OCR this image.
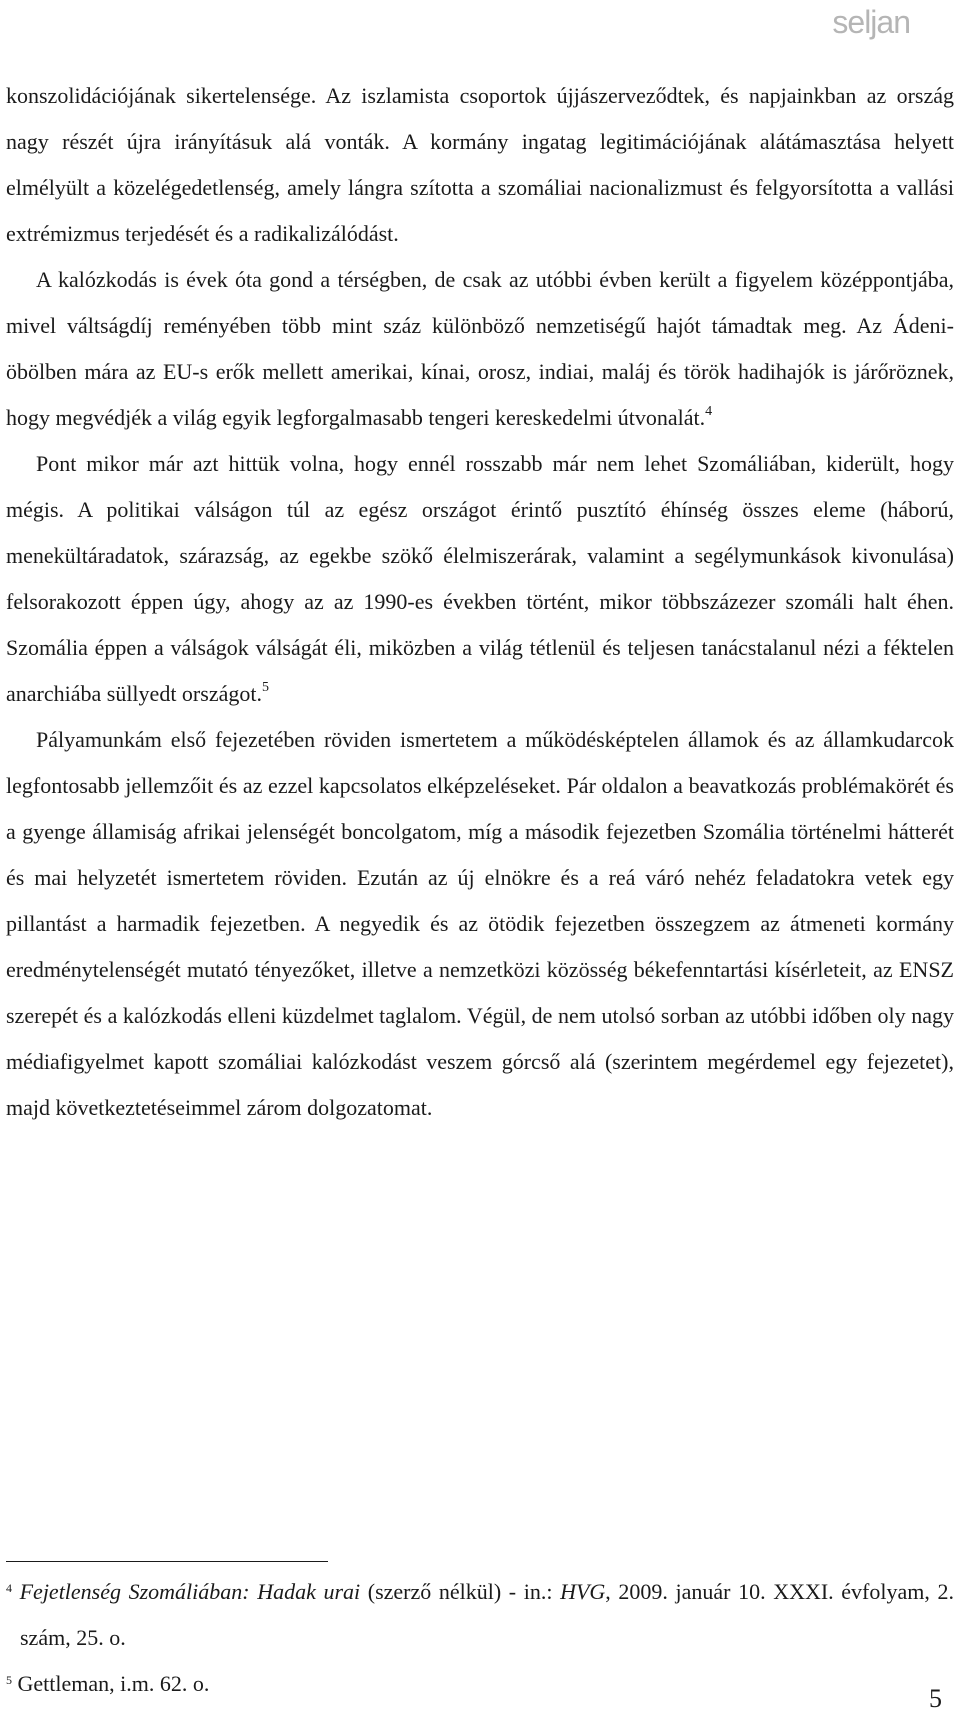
seljan

konszolidációjának sikertelensége. Az iszlamista csoportok újjászerveződtek, és napjainkban az ország nagy részét újra irányításuk alá vonták. A kormány ingatag legitimációjának alátámasztása helyett elmélyült a közelégedetlenség, amely lángra szította a szomáliai nacionalizmust és felgyorsította a vallási extrémizmus terjedését és a radikalizálódást.

A kalózkodás is évek óta gond a térségben, de csak az utóbbi évben került a figyelem középpontjába, mivel váltságdíj reményében több mint száz különböző nemzetiségű hajót támadtak meg. Az Ádeni-öbölben mára az EU-s erők mellett amerikai, kínai, orosz, indiai, maláj és török hadihajók is járőröznek, hogy megvédjék a világ egyik legforgalmasabb tengeri kereskedelmi útvonalát.$^4$

Pont mikor már azt hittük volna, hogy ennél rosszabb már nem lehet Szomáliában, kiderült, hogy mégis. A politikai válságon túl az egész országot érintő pusztító éhínség összes eleme (háború, menekültáradatok, szárazság, az egekbe szökő élelmiszerárak, valamint a segélymunkások kivonulása) felsorakozott éppen úgy, ahogy az az 1990-es években történt, mikor többszázezer szomáli halt éhen. Szomália éppen a válságok válságát éli, miközben a világ tétlenül és teljesen tanácstalanul nézi a féktelen anarchiába süllyedt országot.$^5$

Pályamunkám első fejezetében röviden ismertetem a működésképtelen államok és az államkudarcok legfontosabb jellemzőit és az ezzel kapcsolatos elképzeléseket. Pár oldalon a beavatkozás problémakörét és a gyenge államiság afrikai jelenségét boncolgatom, míg a második fejezetben Szomália történelmi hátterét és mai helyzetét ismertetem röviden. Ezután az új elnökre és a reá váró nehéz feladatokra vetek egy pillantást a harmadik fejezetben. A negyedik és az ötödik fejezetben összegzem az átmeneti kormány eredménytelenségét mutató tényezőket, illetve a nemzetközi közösség békefenntartási kísérleteit, az ENSZ szerepét és a kalózkodás elleni küzdelmet taglalom. Végül, de nem utolsó sorban az utóbbi időben oly nagy médiafigyelmet kapott szomáliai kalózkodást veszem górcső alá (szerintem megérdemel egy fejezetet), majd következtetéseimmel zárom dolgozatomat.

$^4$ Fejetlenség Szomáliában: Hadak urai (szerző nélkül) - in.: HVG, 2009. január 10. XXXI. évfolyam, 2. szám, 25. o.

$^5$ Gettleman, i.m. 62. o.

5
